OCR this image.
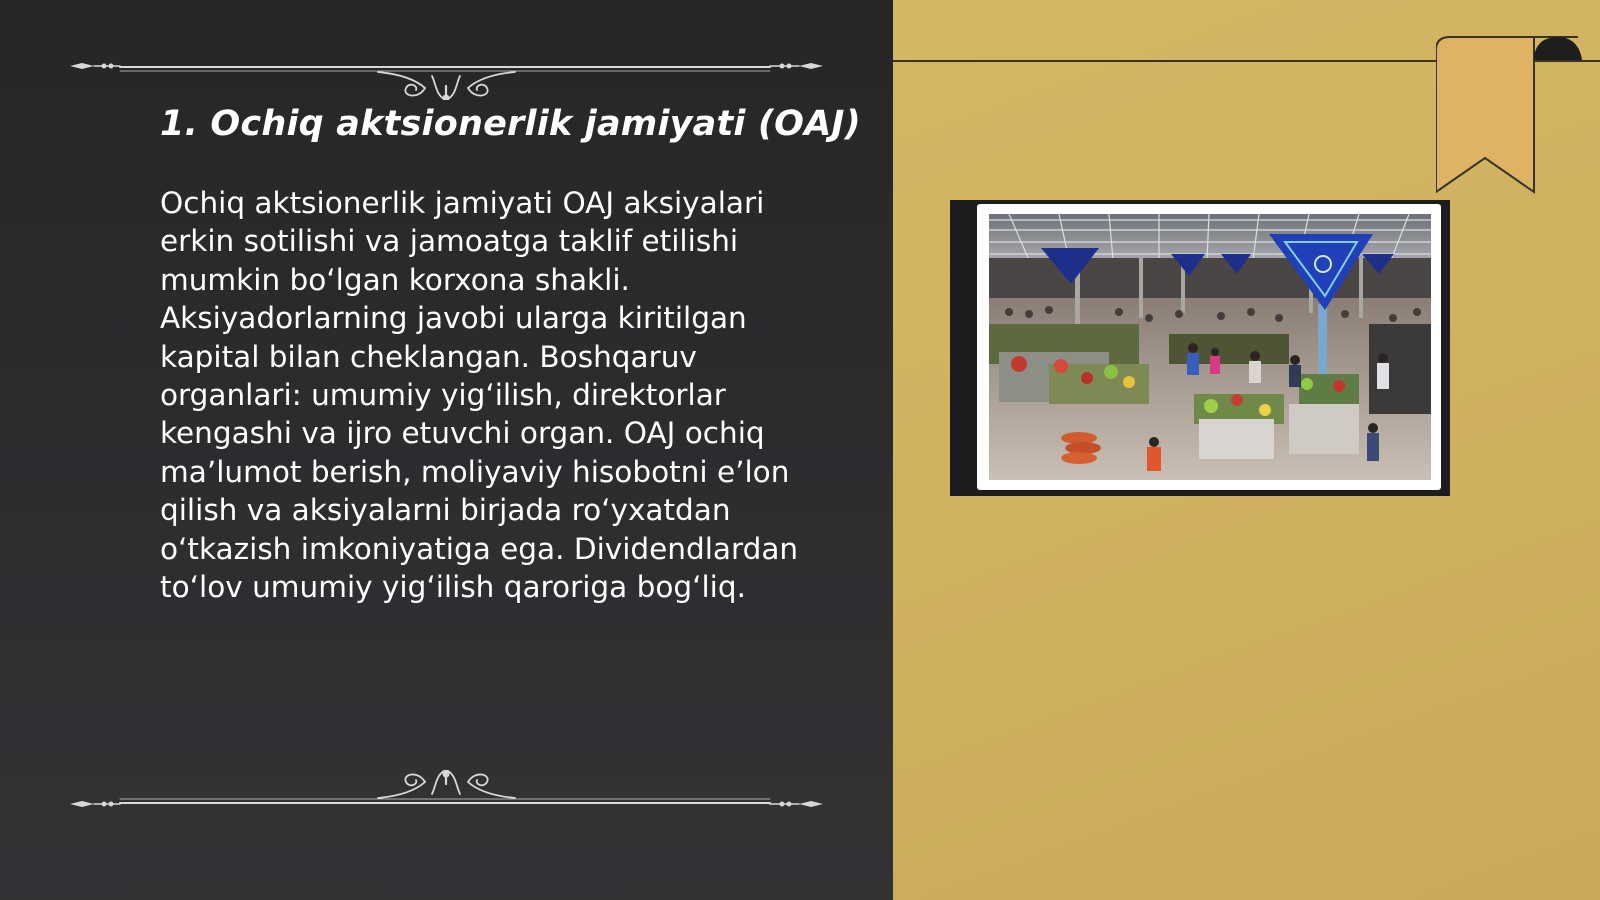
1. Ochiq aktsionerlik jamiyati (OAJ)

Ochiq aktsionerlik jamiyati OAJ aksiyalari erkin sotilishi va jamoatga taklif etilishi mumkin bo‘lgan korxona shakli. Aksiyadorlarning javobi ularga kiritilgan kapital bilan cheklangan. Boshqaruv organlari: umumiy yig‘ilish, direktorlar kengashi va ijro etuvchi organ. OAJ ochiq ma’lumot berish, moliyaviy hisobotni e’lon qilish va aksiyalarni birjada ro‘yxatdan o‘tkazish imkoniyatiga ega. Dividendlardan to‘lov umumiy yig‘ilish qaroriga bog‘liq.
